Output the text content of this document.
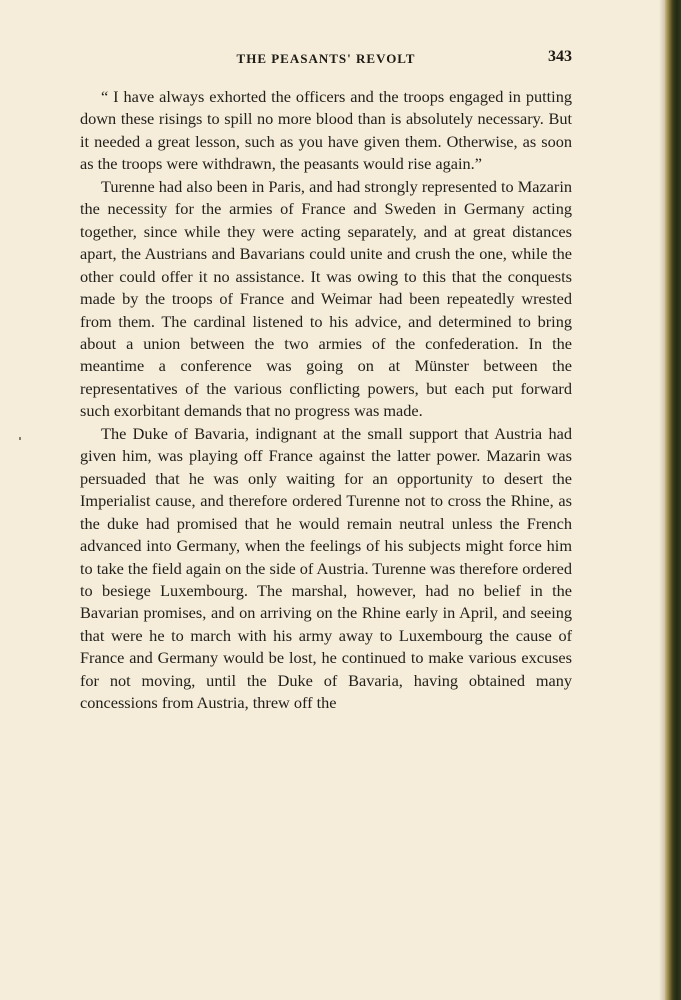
THE PEASANTS' REVOLT	343

“ I have always exhorted the officers and the troops engaged in putting down these risings to spill no more blood than is absolutely necessary. But it needed a great lesson, such as you have given them. Otherwise, as soon as the troops were withdrawn, the peasants would rise again.”

Turenne had also been in Paris, and had strongly represented to Mazarin the necessity for the armies of France and Sweden in Germany acting together, since while they were acting separately, and at great distances apart, the Austrians and Bavarians could unite and crush the one, while the other could offer it no assistance. It was owing to this that the conquests made by the troops of France and Weimar had been repeatedly wrested from them. The cardinal listened to his advice, and determined to bring about a union between the two armies of the confederation. In the meantime a conference was going on at Münster between the representatives of the various conflicting powers, but each put forward such exorbitant demands that no progress was made.

The Duke of Bavaria, indignant at the small support that Austria had given him, was playing off France against the latter power. Mazarin was persuaded that he was only waiting for an opportunity to desert the Imperialist cause, and therefore ordered Turenne not to cross the Rhine, as the duke had promised that he would remain neutral unless the French advanced into Germany, when the feelings of his subjects might force him to take the field again on the side of Austria. Turenne was therefore ordered to besiege Luxembourg. The marshal, however, had no belief in the Bavarian promises, and on arriving on the Rhine early in April, and seeing that were he to march with his army away to Luxembourg the cause of France and Germany would be lost, he continued to make various excuses for not moving, until the Duke of Bavaria, having obtained many concessions from Austria, threw off the
